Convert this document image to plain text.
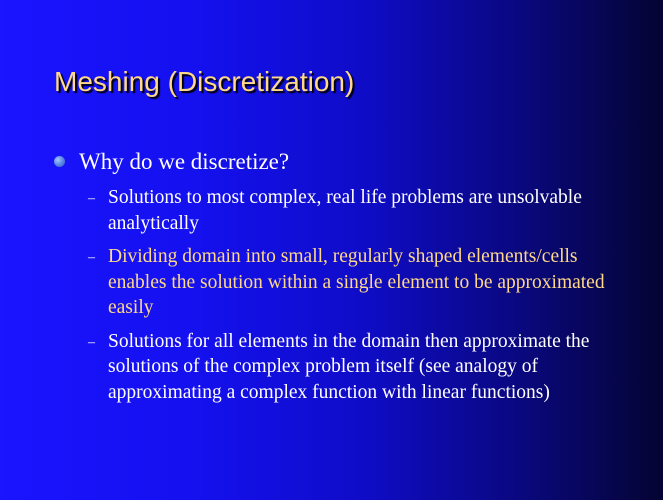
Meshing (Discretization)
Why do we discretize?
– Solutions to most complex, real life problems are unsolvable analytically
– Dividing domain into small, regularly shaped elements/cells enables the solution within a single element to be approximated easily
– Solutions for all elements in the domain then approximate the solutions of the complex problem itself (see analogy of approximating a complex function with linear functions)
